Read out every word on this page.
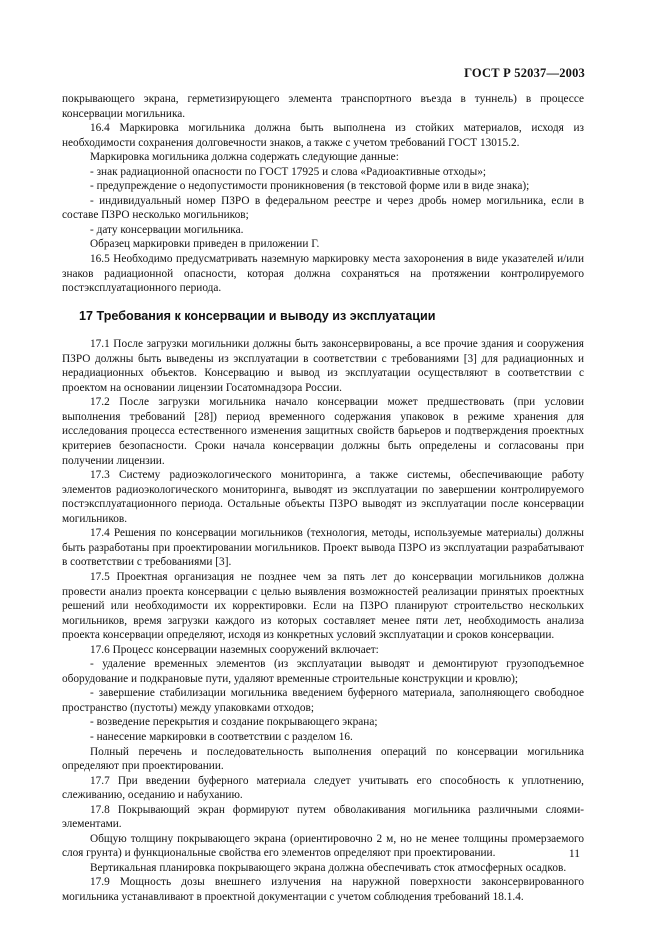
ГОСТ Р 52037—2003

покрывающего экрана, герметизирующего элемента транспортного въезда в туннель) в процессе консервации могильника.

16.4 Маркировка могильника должна быть выполнена из стойких материалов, исходя из необходимости сохранения долговечности знаков, а также с учетом требований ГОСТ 13015.2.

Маркировка могильника должна содержать следующие данные:

- знак радиационной опасности по ГОСТ 17925 и слова «Радиоактивные отходы»;

- предупреждение о недопустимости проникновения (в текстовой форме или в виде знака);

- индивидуальный номер ПЗРО в федеральном реестре и через дробь номер могильника, если в составе ПЗРО несколько могильников;

- дату консервации могильника.

Образец маркировки приведен в приложении Г.

16.5 Необходимо предусматривать наземную маркировку места захоронения в виде указателей и/или знаков радиационной опасности, которая должна сохраняться на протяжении контролируемого постэксплуатационного периода.

17 Требования к консервации и выводу из эксплуатации

17.1 После загрузки могильники должны быть законсервированы, а все прочие здания и сооружения ПЗРО должны быть выведены из эксплуатации в соответствии с требованиями [3] для радиационных и нерадиационных объектов. Консервацию и вывод из эксплуатации осуществляют в соответствии с проектом на основании лицензии Госатомнадзора России.

17.2 После загрузки могильника начало консервации может предшествовать (при условии выполнения требований [28]) период временного содержания упаковок в режиме хранения для исследования процесса естественного изменения защитных свойств барьеров и подтверждения проектных критериев безопасности. Сроки начала консервации должны быть определены и согласованы при получении лицензии.

17.3 Систему радиоэкологического мониторинга, а также системы, обеспечивающие работу элементов радиоэкологического мониторинга, выводят из эксплуатации по завершении контролируемого постэксплуатационного периода. Остальные объекты ПЗРО выводят из эксплуатации после консервации могильников.

17.4 Решения по консервации могильников (технология, методы, используемые материалы) должны быть разработаны при проектировании могильников. Проект вывода ПЗРО из эксплуатации разрабатывают в соответствии с требованиями [3].

17.5 Проектная организация не позднее чем за пять лет до консервации могильников должна провести анализ проекта консервации с целью выявления возможностей реализации принятых проектных решений или необходимости их корректировки. Если на ПЗРО планируют строительство нескольких могильников, время загрузки каждого из которых составляет менее пяти лет, необходимость анализа проекта консервации определяют, исходя из конкретных условий эксплуатации и сроков консервации.

17.6 Процесс консервации наземных сооружений включает:

- удаление временных элементов (из эксплуатации выводят и демонтируют грузоподъемное оборудование и подкрановые пути, удаляют временные строительные конструкции и кровлю);

- завершение стабилизации могильника введением буферного материала, заполняющего свободное пространство (пустоты) между упаковками отходов;

- возведение перекрытия и создание покрывающего экрана;

- нанесение маркировки в соответствии с разделом 16.

Полный перечень и последовательность выполнения операций по консервации могильника определяют при проектировании.

17.7 При введении буферного материала следует учитывать его способность к уплотнению, слеживанию, оседанию и набуханию.

17.8 Покрывающий экран формируют путем обволакивания могильника различными слоями-элементами.

Общую толщину покрывающего экрана (ориентировочно 2 м, но не менее толщины промерзаемого слоя грунта) и функциональные свойства его элементов определяют при проектировании.

Вертикальная планировка покрывающего экрана должна обеспечивать сток атмосферных осадков.

17.9 Мощность дозы внешнего излучения на наружной поверхности законсервированного могильника устанавливают в проектной документации с учетом соблюдения требований 18.1.4.

11
